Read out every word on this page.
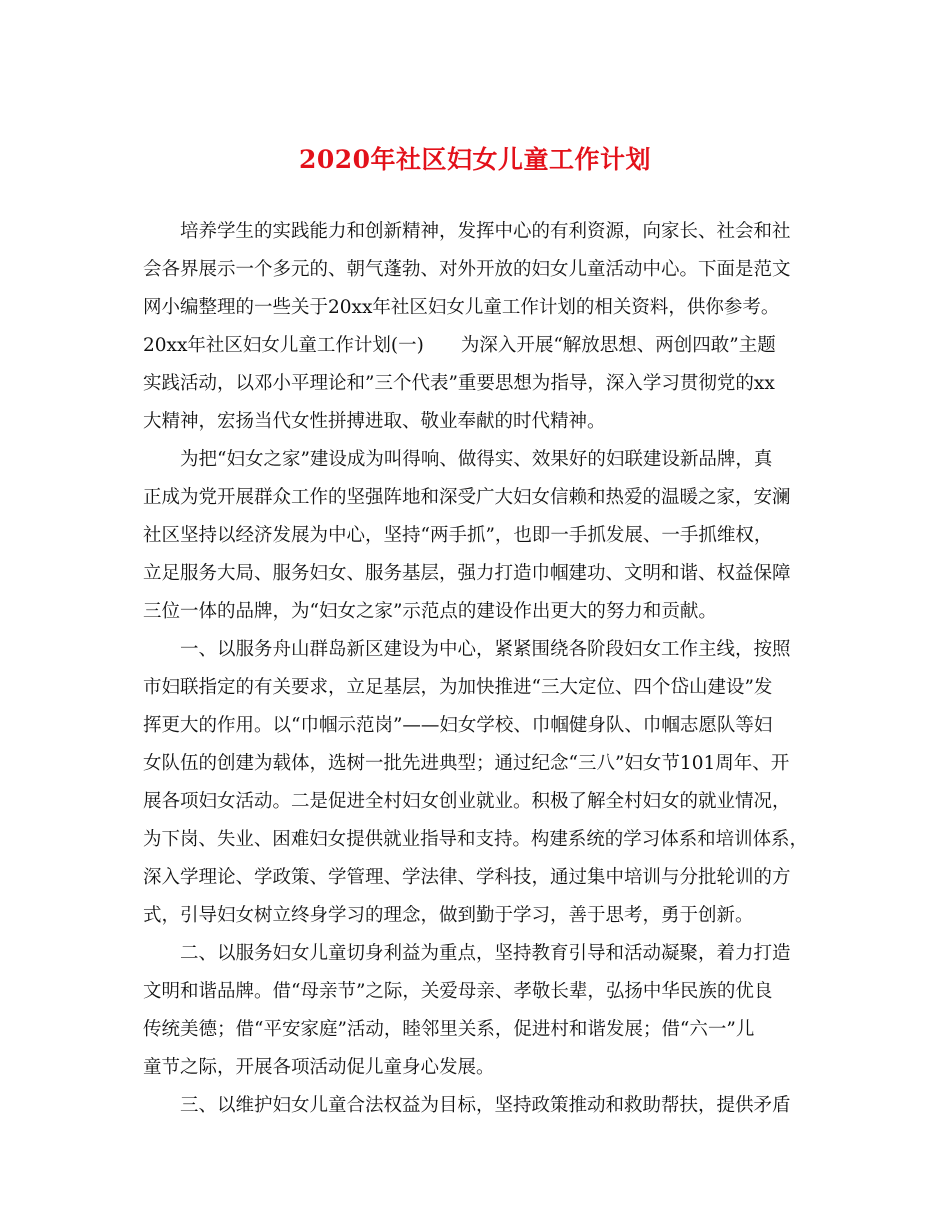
2020年社区妇女儿童工作计划
培养学生的实践能力和创新精神，发挥中心的有利资源，向家长、社会和社
会各界展示一个多元的、朝气蓬勃、对外开放的妇女儿童活动中心。下面是范文
网小编整理的一些关于20xx年社区妇女儿童工作计划的相关资料，供你参考。
20xx年社区妇女儿童工作计划(一)　　为深入开展“解放思想、两创四敢”主题
实践活动，以邓小平理论和”三个代表”重要思想为指导，深入学习贯彻党的xx
大精神，宏扬当代女性拼搏进取、敬业奉献的时代精神。
为把“妇女之家”建设成为叫得响、做得实、效果好的妇联建设新品牌，真
正成为党开展群众工作的坚强阵地和深受广大妇女信赖和热爱的温暖之家，安澜
社区坚持以经济发展为中心，坚持“两手抓”，也即一手抓发展、一手抓维权，
立足服务大局、服务妇女、服务基层，强力打造巾帼建功、文明和谐、权益保障
三位一体的品牌，为“妇女之家”示范点的建设作出更大的努力和贡献。
一、以服务舟山群岛新区建设为中心，紧紧围绕各阶段妇女工作主线，按照
市妇联指定的有关要求，立足基层，为加快推进“三大定位、四个岱山建设”发
挥更大的作用。以“巾帼示范岗”——妇女学校、巾帼健身队、巾帼志愿队等妇
女队伍的创建为载体，选树一批先进典型；通过纪念“三八”妇女节101周年、开
展各项妇女活动。二是促进全村妇女创业就业。积极了解全村妇女的就业情况，
为下岗、失业、困难妇女提供就业指导和支持。构建系统的学习体系和培训体系，
深入学理论、学政策、学管理、学法律、学科技，通过集中培训与分批轮训的方
式，引导妇女树立终身学习的理念，做到勤于学习，善于思考，勇于创新。
二、以服务妇女儿童切身利益为重点，坚持教育引导和活动凝聚，着力打造
文明和谐品牌。借“母亲节”之际，关爱母亲、孝敬长辈，弘扬中华民族的优良
传统美德；借“平安家庭”活动，睦邻里关系，促进村和谐发展；借“六一”儿
童节之际，开展各项活动促儿童身心发展。
三、以维护妇女儿童合法权益为目标，坚持政策推动和救助帮扶，提供矛盾
